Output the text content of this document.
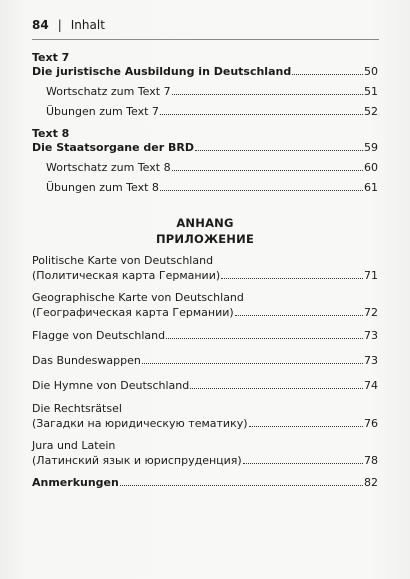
84 | Inhalt
Text 7
Die juristische Ausbildung in Deutschland	50
Wortschatz zum Text 7	51
Übungen zum Text 7	52
Text 8
Die Staatsorgane der BRD	59
Wortschatz zum Text 8	60
Übungen zum Text 8	61
ANHANG
ПРИЛОЖЕНИЕ
Politische Karte von Deutschland
(Политическая карта Германии)	71
Geographische Karte von Deutschland
(Географическая карта Германии)	72
Flagge von Deutschland	73
Das Bundeswappen	73
Die Hymne von Deutschland	74
Die Rechtsrätsel
(Загадки на юридическую тематику)	76
Jura und Latein
(Латинский язык и юриспруденция)	78
Anmerkungen	82
